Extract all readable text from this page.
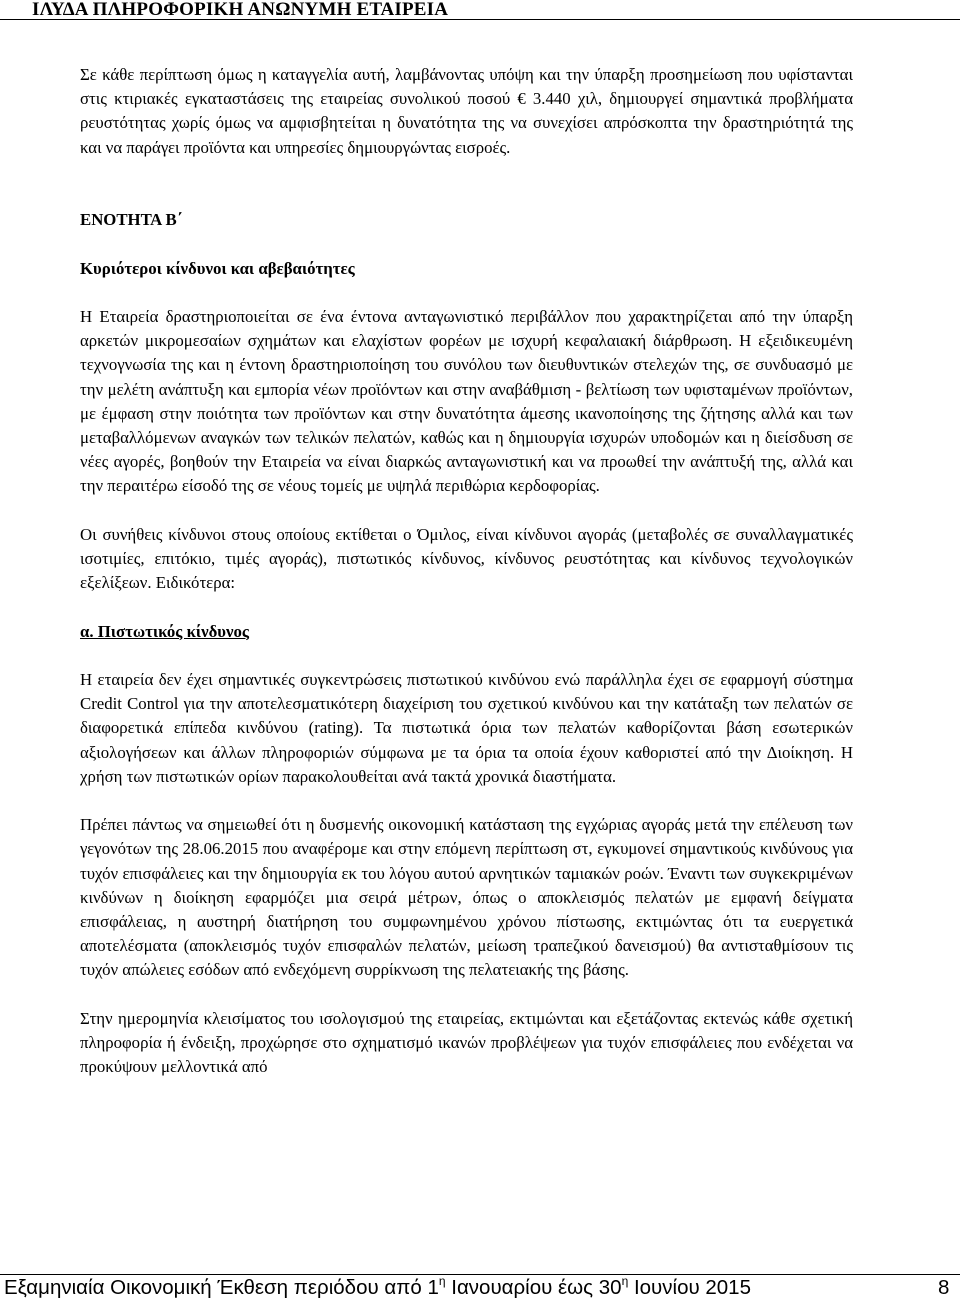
ΙΛΥΔΑ ΠΛΗΡΟΦΟΡΙΚΗ ΑΝΩΝΥΜΗ ΕΤΑΙΡΕΙΑ

Σε κάθε περίπτωση όμως η καταγγελία αυτή, λαμβάνοντας υπόψη και την ύπαρξη προσημείωση που υφίστανται στις κτιριακές εγκαταστάσεις της εταιρείας συνολικού ποσού € 3.440 χιλ, δημιουργεί σημαντικά προβλήματα ρευστότητας χωρίς όμως να αμφισβητείται η δυνατότητα της να συνεχίσει απρόσκοπτα την δραστηριότητά της και να παράγει προϊόντα και υπηρεσίες δημιουργώντας εισροές.

ΕΝΟΤΗΤΑ Β΄
Κυριότεροι κίνδυνοι και αβεβαιότητες

Η Εταιρεία δραστηριοποιείται σε ένα έντονα ανταγωνιστικό περιβάλλον που χαρακτηρίζεται από την ύπαρξη αρκετών μικρομεσαίων σχημάτων και ελαχίστων φορέων με ισχυρή κεφαλαιακή διάρθρωση. Η εξειδικευμένη τεχνογνωσία της και η έντονη δραστηριοποίηση του συνόλου των διευθυντικών στελεχών της, σε συνδυασμό με την μελέτη ανάπτυξη και εμπορία νέων προϊόντων και στην αναβάθμιση - βελτίωση των υφισταμένων προϊόντων, με έμφαση στην ποιότητα των προϊόντων και στην δυνατότητα άμεσης ικανοποίησης της ζήτησης αλλά και των μεταβαλλόμενων αναγκών των τελικών πελατών, καθώς και η δημιουργία ισχυρών υποδομών και η διείσδυση σε νέες αγορές, βοηθούν την Εταιρεία να είναι διαρκώς ανταγωνιστική και να προωθεί την ανάπτυξή της, αλλά και την περαιτέρω είσοδό της σε νέους τομείς με υψηλά περιθώρια κερδοφορίας.

Οι συνήθεις κίνδυνοι στους οποίους εκτίθεται ο Όμιλος, είναι κίνδυνοι αγοράς (μεταβολές σε συναλλαγματικές ισοτιμίες, επιτόκιο, τιμές αγοράς), πιστωτικός κίνδυνος, κίνδυνος ρευστότητας και κίνδυνος τεχνολογικών εξελίξεων. Ειδικότερα:

α. Πιστωτικός κίνδυνος

Η εταιρεία δεν έχει σημαντικές συγκεντρώσεις πιστωτικού κινδύνου ενώ παράλληλα έχει σε εφαρμογή σύστημα Credit Control για την αποτελεσματικότερη διαχείριση του σχετικού κινδύνου και την κατάταξη των πελατών σε διαφορετικά επίπεδα κινδύνου (rating). Τα πιστωτικά όρια των πελατών καθορίζονται βάση εσωτερικών αξιολογήσεων και άλλων πληροφοριών σύμφωνα με τα όρια τα οποία έχουν καθοριστεί από την Διοίκηση. Η χρήση των πιστωτικών ορίων παρακολουθείται ανά τακτά χρονικά διαστήματα.

Πρέπει πάντως να σημειωθεί ότι η δυσμενής οικονομική κατάσταση της εγχώριας αγοράς μετά την επέλευση των γεγονότων της 28.06.2015 που αναφέρομε και στην επόμενη περίπτωση στ, εγκυμονεί σημαντικούς κινδύνους για τυχόν επισφάλειες και την δημιουργία εκ του λόγου αυτού αρνητικών ταμιακών ροών. Έναντι των συγκεκριμένων κινδύνων η διοίκηση εφαρμόζει μια σειρά μέτρων, όπως ο αποκλεισμός πελατών με εμφανή δείγματα επισφάλειας, η αυστηρή διατήρηση του συμφωνημένου χρόνου πίστωσης, εκτιμώντας ότι τα ευεργετικά αποτελέσματα (αποκλεισμός τυχόν επισφαλών πελατών, μείωση τραπεζικού δανεισμού) θα αντισταθμίσουν τις τυχόν απώλειες εσόδων από ενδεχόμενη συρρίκνωση της πελατειακής της βάσης.

Στην ημερομηνία κλεισίματος του ισολογισμού της εταιρείας, εκτιμώνται και εξετάζοντας εκτενώς κάθε σχετική πληροφορία ή ένδειξη, προχώρησε στο σχηματισμό ικανών προβλέψεων για τυχόν επισφάλειες που ενδέχεται να προκύψουν μελλοντικά από

Εξαμηνιαία Οικονομική Έκθεση περιόδου από $1^\eta$ Ιανουαρίου έως $30^\eta$ Ιουνίου 2015	8
